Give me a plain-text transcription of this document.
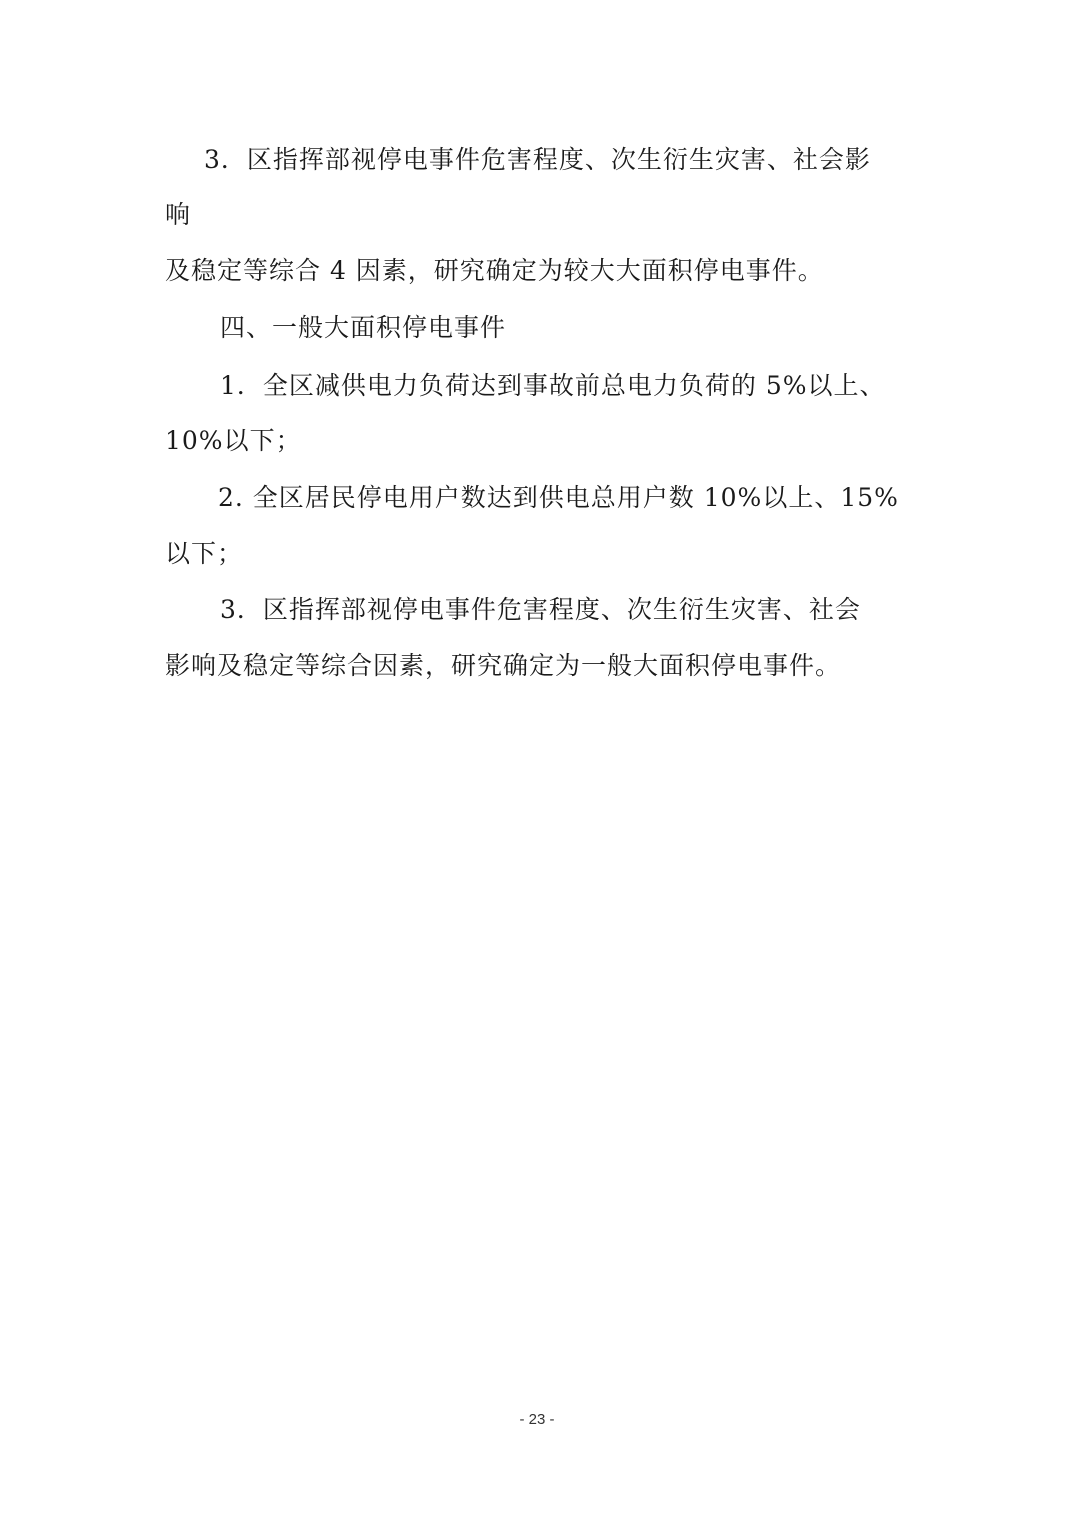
3．区指挥部视停电事件危害程度、次生衍生灾害、社会影
响
及稳定等综合 4 因素，研究确定为较大大面积停电事件。
四、一般大面积停电事件
1．全区减供电力负荷达到事故前总电力负荷的 5%以上、
10%以下；
2. 全区居民停电用户数达到供电总用户数 10%以上、15%
以下；
3．区指挥部视停电事件危害程度、次生衍生灾害、社会
影响及稳定等综合因素，研究确定为一般大面积停电事件。
- 23 -
